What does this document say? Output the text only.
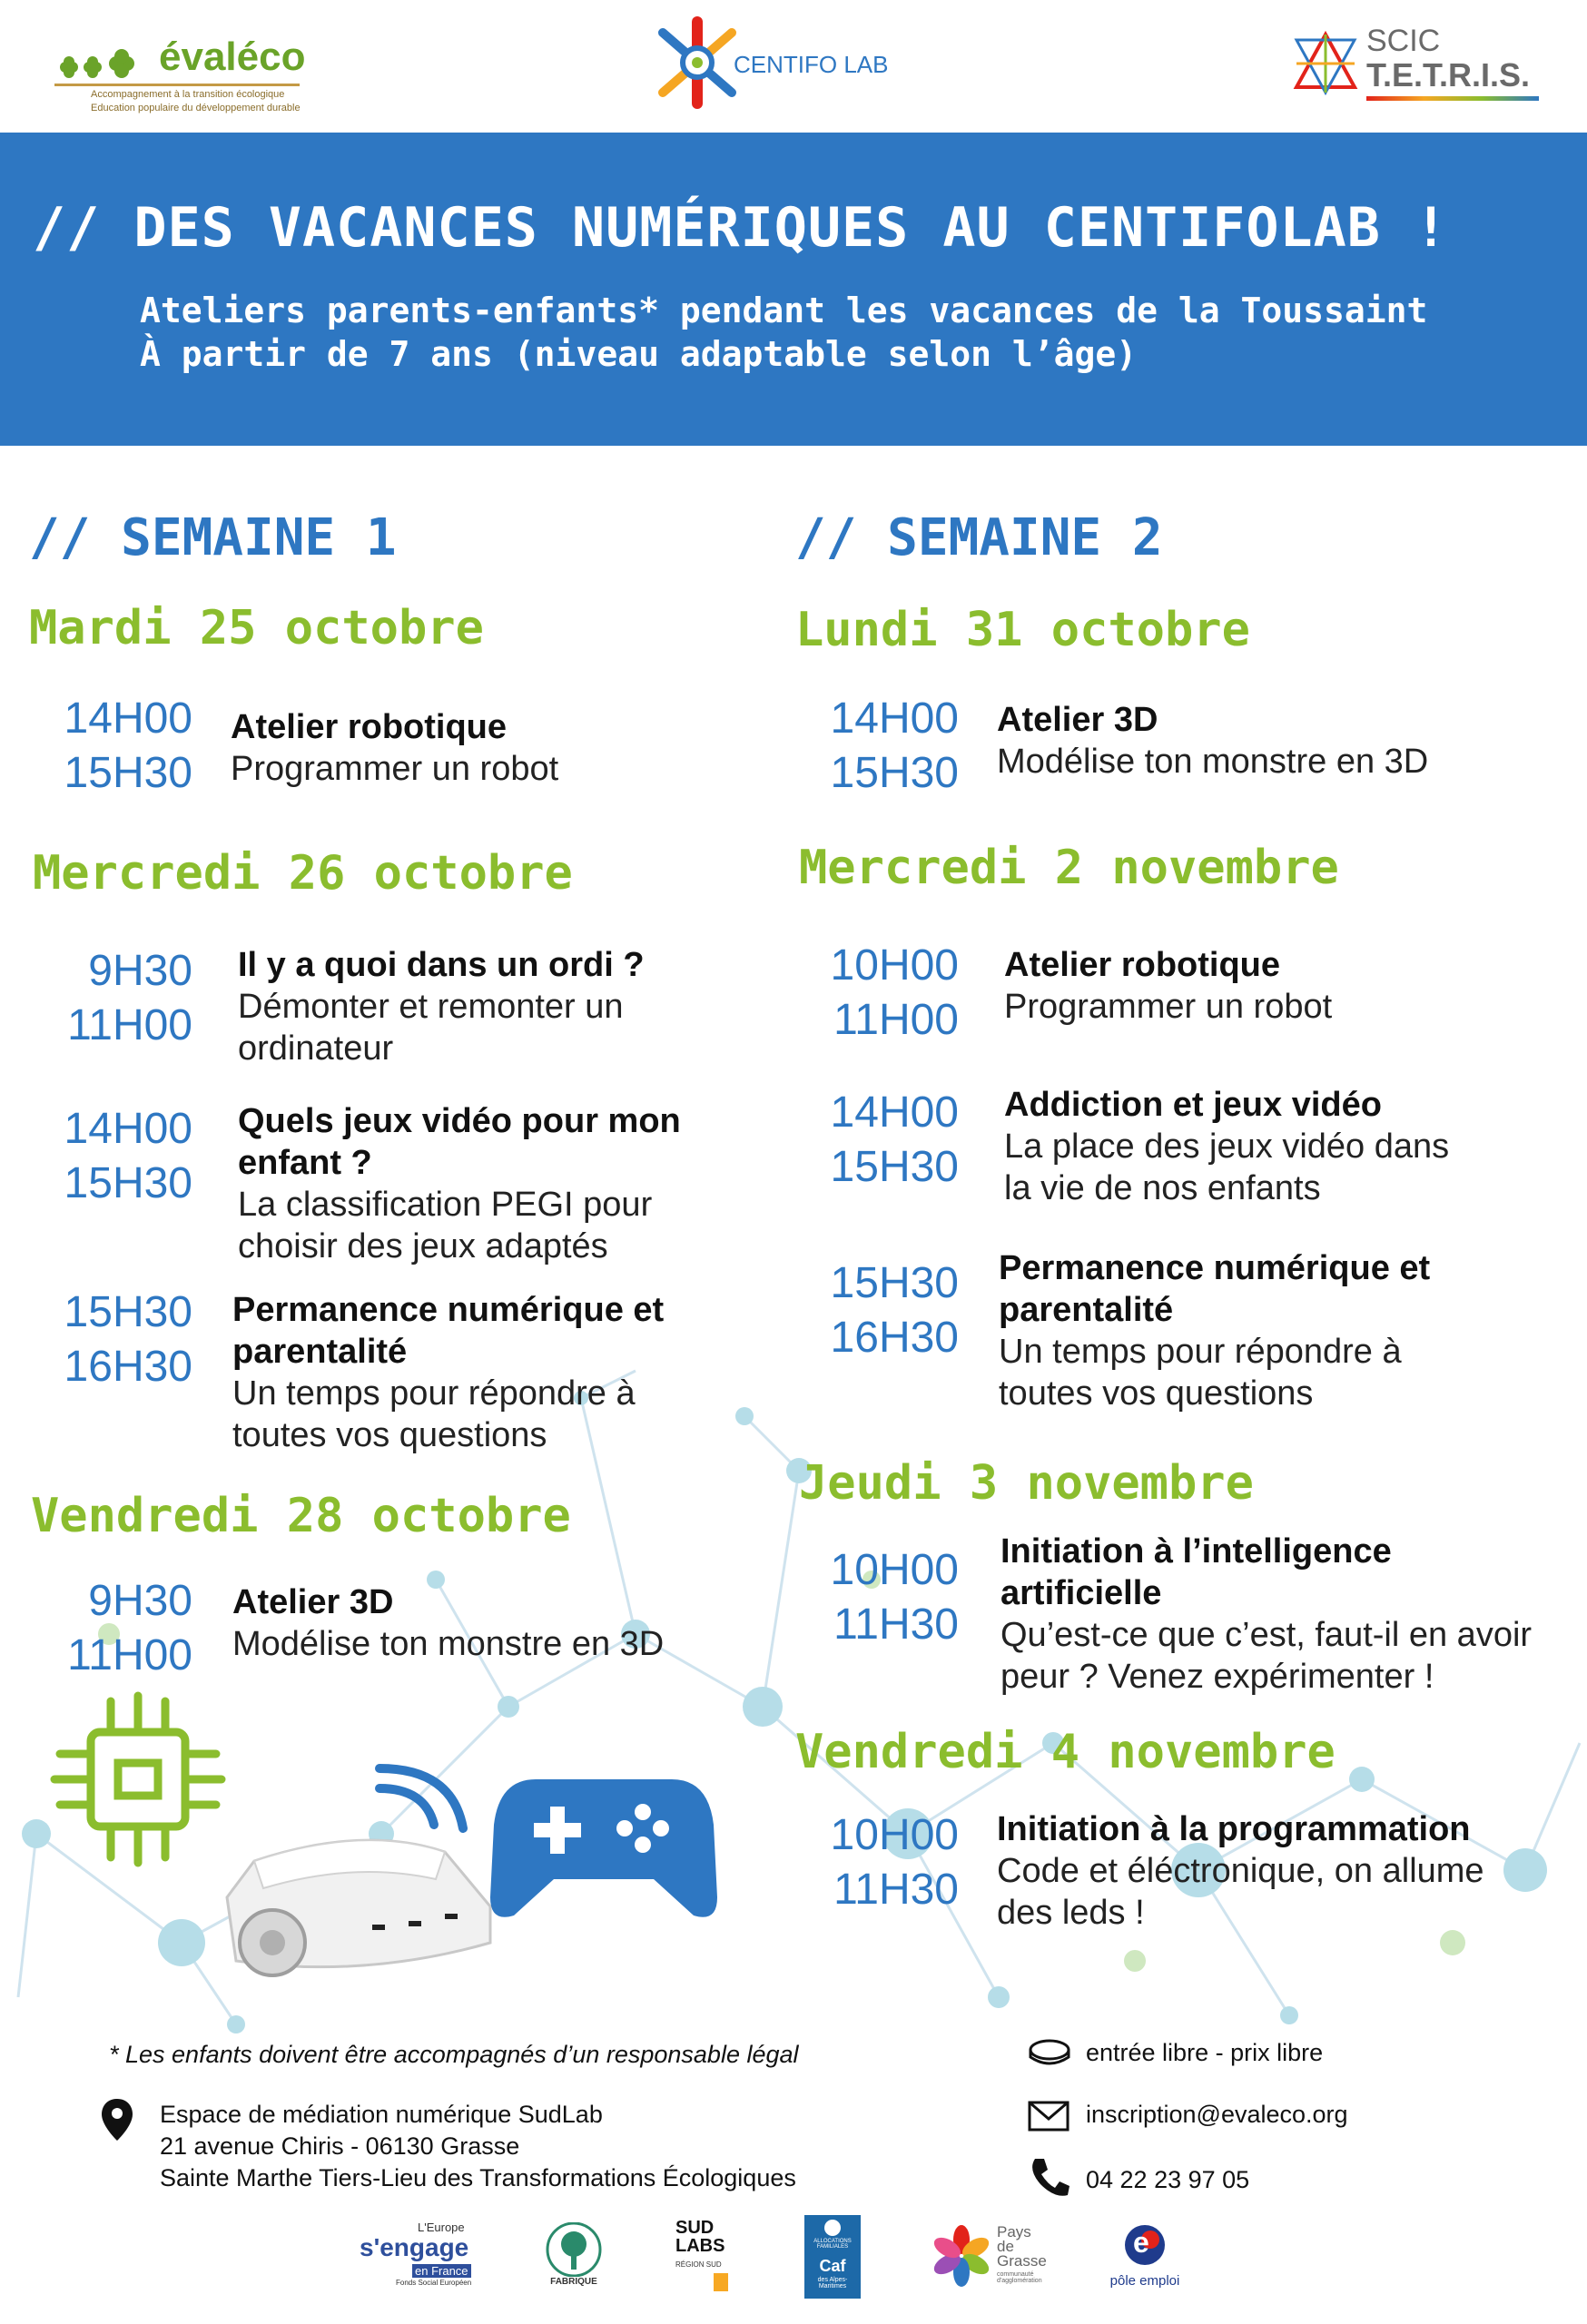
évaléco
Accompagnement à la transition écologique
Education populaire du développement durable
CENTIFO LAB
SCIC
T.E.T.R.I.S.
// DES VACANCES NUMÉRIQUES AU CENTIFOLAB !
Ateliers parents-enfants* pendant les vacances de la Toussaint
À partir de 7 ans (niveau adaptable selon l’âge)
// SEMAINE 1
Mardi 25 octobre
14H00
15H30
Atelier robotique
Programmer un robot
Mercredi 26 octobre
9H30
11H00
Il y a quoi dans un ordi ?
Démonter et remonter un ordinateur
14H00
15H30
Quels jeux vidéo pour mon enfant ?
La classification PEGI pour choisir des jeux adaptés
15H30
16H30
Permanence numérique et parentalité
Un temps pour répondre à toutes vos questions
Vendredi 28 octobre
9H30
11H00
Atelier 3D
Modélise ton monstre en 3D
// SEMAINE 2
Lundi 31 octobre
14H00
15H30
Atelier 3D
Modélise ton monstre en 3D
Mercredi 2 novembre
10H00
11H00
Atelier robotique
Programmer un robot
14H00
15H30
Addiction et jeux vidéo
La place des jeux vidéo dans la vie de nos enfants
15H30
16H30
Permanence numérique et parentalité
Un temps pour répondre à toutes vos questions
Jeudi 3 novembre
10H00
11H30
Initiation à l’intelligence artificielle
Qu’est-ce que c’est, faut-il en avoir peur ? Venez expérimenter !
Vendredi 4 novembre
10H00
11H30
Initiation à la programmation
Code et éléctronique, on allume des leds !
* Les enfants doivent être accompagnés d’un responsable légal
Espace de médiation numérique SudLab
21 avenue Chiris - 06130 Grasse
Sainte Marthe Tiers-Lieu des Transformations Écologiques
entrée libre - prix libre
inscription@evaleco.org
04 22 23 97 05
L'Europe
s'engage
en France
Fonds Social Européen	FABRIQUE
SUD
LABS
RÉGION SUD
ALLOCATIONS FAMILIALES
Caf
des Alpes-Maritimes
Pays
de
Grasse
communauté d'agglomération
e
pôle emploi
